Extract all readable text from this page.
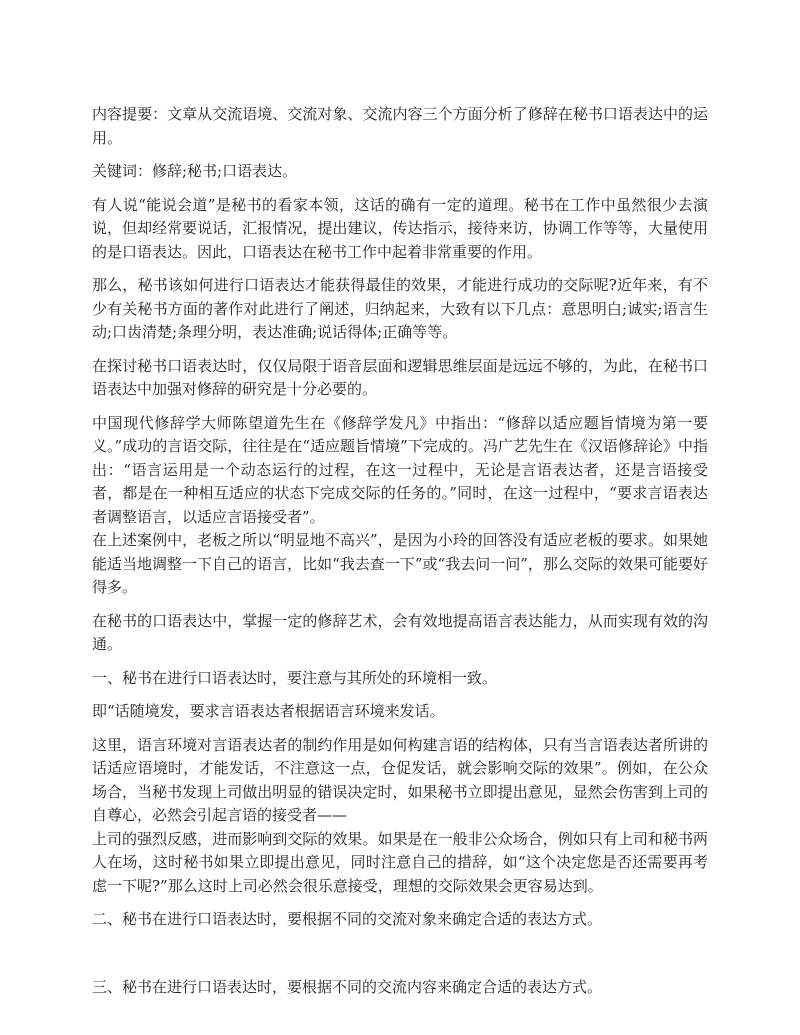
内容提要：文章从交流语境、交流对象、交流内容三个方面分析了修辞在秘书口语表达中的运用。

关键词：修辞;秘书;口语表达。

有人说“能说会道”是秘书的看家本领，这话的确有一定的道理。秘书在工作中虽然很少去演说，但却经常要说话，汇报情况，提出建议，传达指示，接待来访，协调工作等等，大量使用的是口语表达。因此，口语表达在秘书工作中起着非常重要的作用。

那么，秘书该如何进行口语表达才能获得最佳的效果，才能进行成功的交际呢?近年来，有不少有关秘书方面的著作对此进行了阐述，归纳起来，大致有以下几点：意思明白;诚实;语言生动;口齿清楚;条理分明，表达准确;说话得体;正确等等。

在探讨秘书口语表达时，仅仅局限于语音层面和逻辑思维层面是远远不够的，为此，在秘书口语表达中加强对修辞的研究是十分必要的。

中国现代修辞学大师陈望道先生在《修辞学发凡》中指出：“修辞以适应题旨情境为第一要义。”成功的言语交际，往往是在“适应题旨情境”下完成的。冯广艺先生在《汉语修辞论》中指出：“语言运用是一个动态运行的过程，在这一过程中，无论是言语表达者，还是言语接受者，都是在一种相互适应的状态下完成交际的任务的。”同时，在这一过程中，“要求言语表达者调整语言，以适应言语接受者”。

在上述案例中，老板之所以“明显地不高兴”，是因为小玲的回答没有适应老板的要求。如果她能适当地调整一下自己的语言，比如“我去查一下”或“我去问一问”，那么交际的效果可能要好得多。

在秘书的口语表达中，掌握一定的修辞艺术，会有效地提高语言表达能力，从而实现有效的沟通。

一、秘书在进行口语表达时，要注意与其所处的环境相一致。

即“话随境发，要求言语表达者根据语言环境来发话。

这里，语言环境对言语表达者的制约作用是如何构建言语的结构体，只有当言语表达者所讲的话适应语境时，才能发话，不注意这一点，仓促发话，就会影响交际的效果”。例如，在公众场合，当秘书发现上司做出明显的错误决定时，如果秘书立即提出意见，显然会伤害到上司的自尊心，必然会引起言语的接受者——

上司的强烈反感，进而影响到交际的效果。如果是在一般非公众场合，例如只有上司和秘书两人在场，这时秘书如果立即提出意见，同时注意自己的措辞，如“这个决定您是否还需要再考虑一下呢?”那么这时上司必然会很乐意接受，理想的交际效果会更容易达到。

二、秘书在进行口语表达时，要根据不同的交流对象来确定合适的表达方式。

三、秘书在进行口语表达时，要根据不同的交流内容来确定合适的表达方式。
